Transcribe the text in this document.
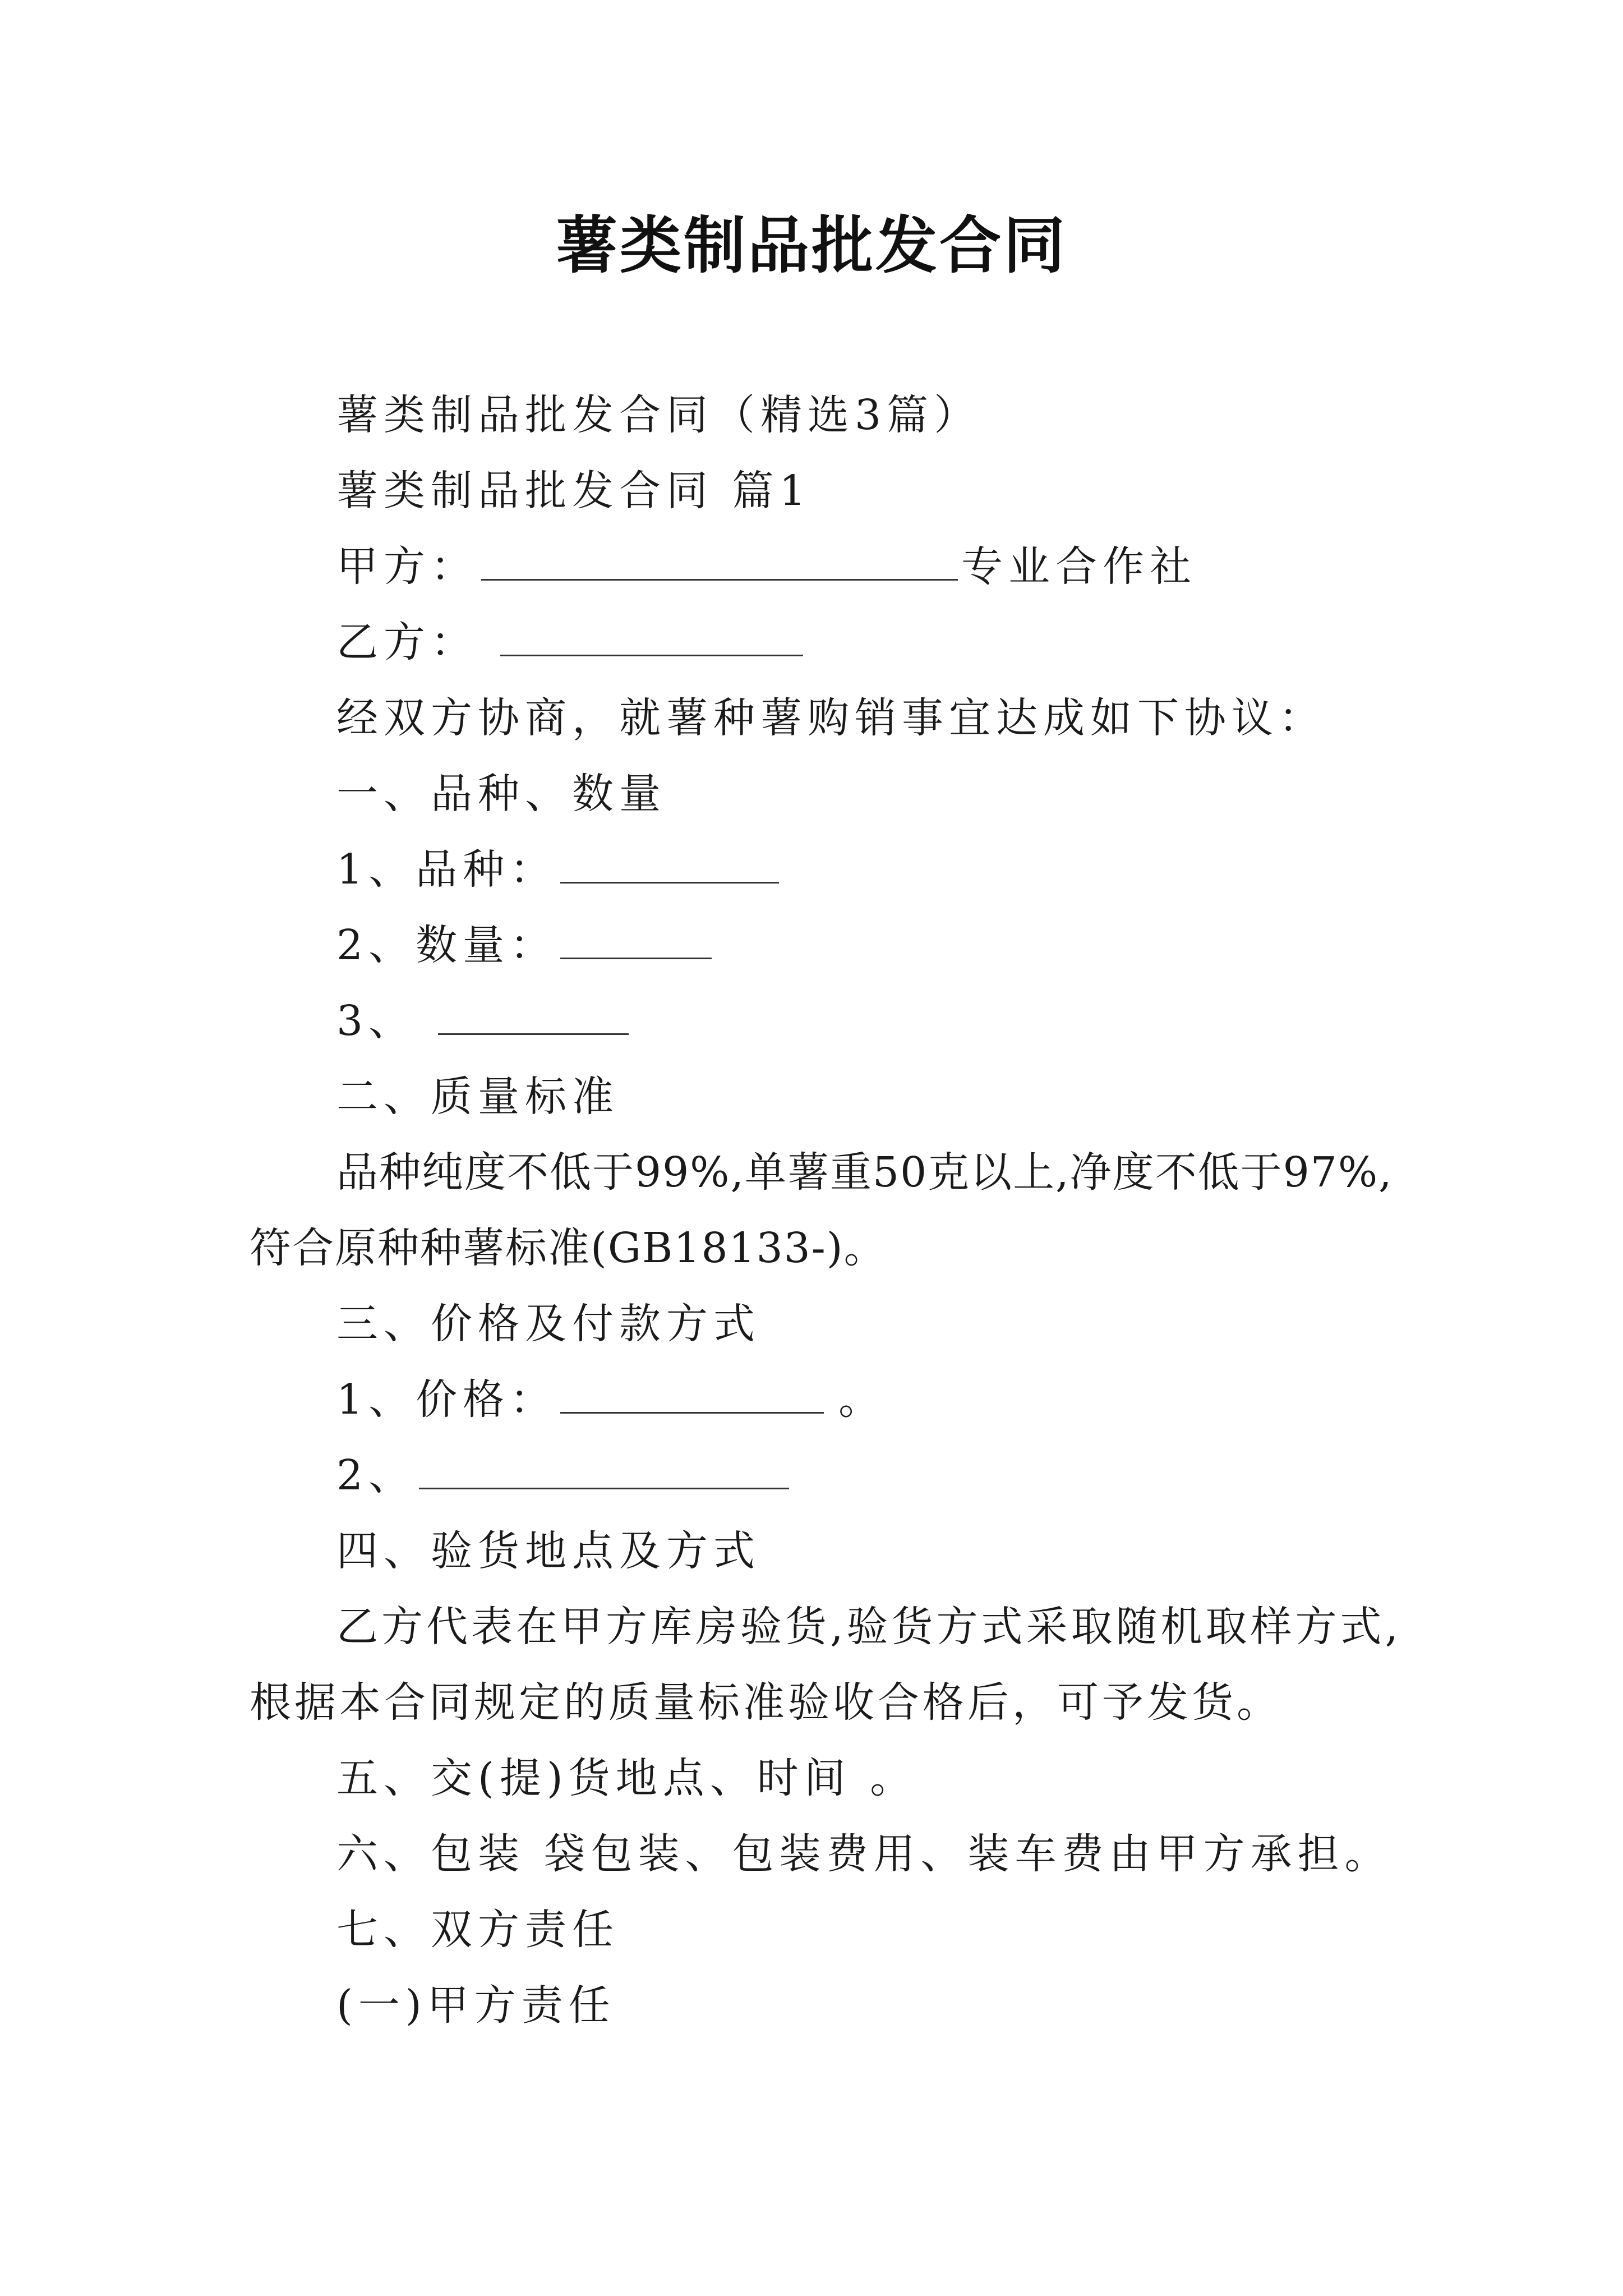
薯类制品批发合同
薯类制品批发合同（精选3篇）
薯类制品批发合同 篇1
甲方：	专业合作社
乙方：
经双方协商，就薯种薯购销事宜达成如下协议：
一、品种、数量
1、品种：
2、数量：
3、
二、质量标准
品种纯度不低于99%,单薯重50克以上,净度不低于97%,
符合原种种薯标准(GB18133-)。
三、价格及付款方式
1、价格：	。
2、
四、验货地点及方式
乙方代表在甲方库房验货,验货方式采取随机取样方式,
根据本合同规定的质量标准验收合格后，可予发货。
五、交(提)货地点、时间 。
六、包装 袋包装、包装费用、装车费由甲方承担。
七、双方责任
(一)甲方责任
